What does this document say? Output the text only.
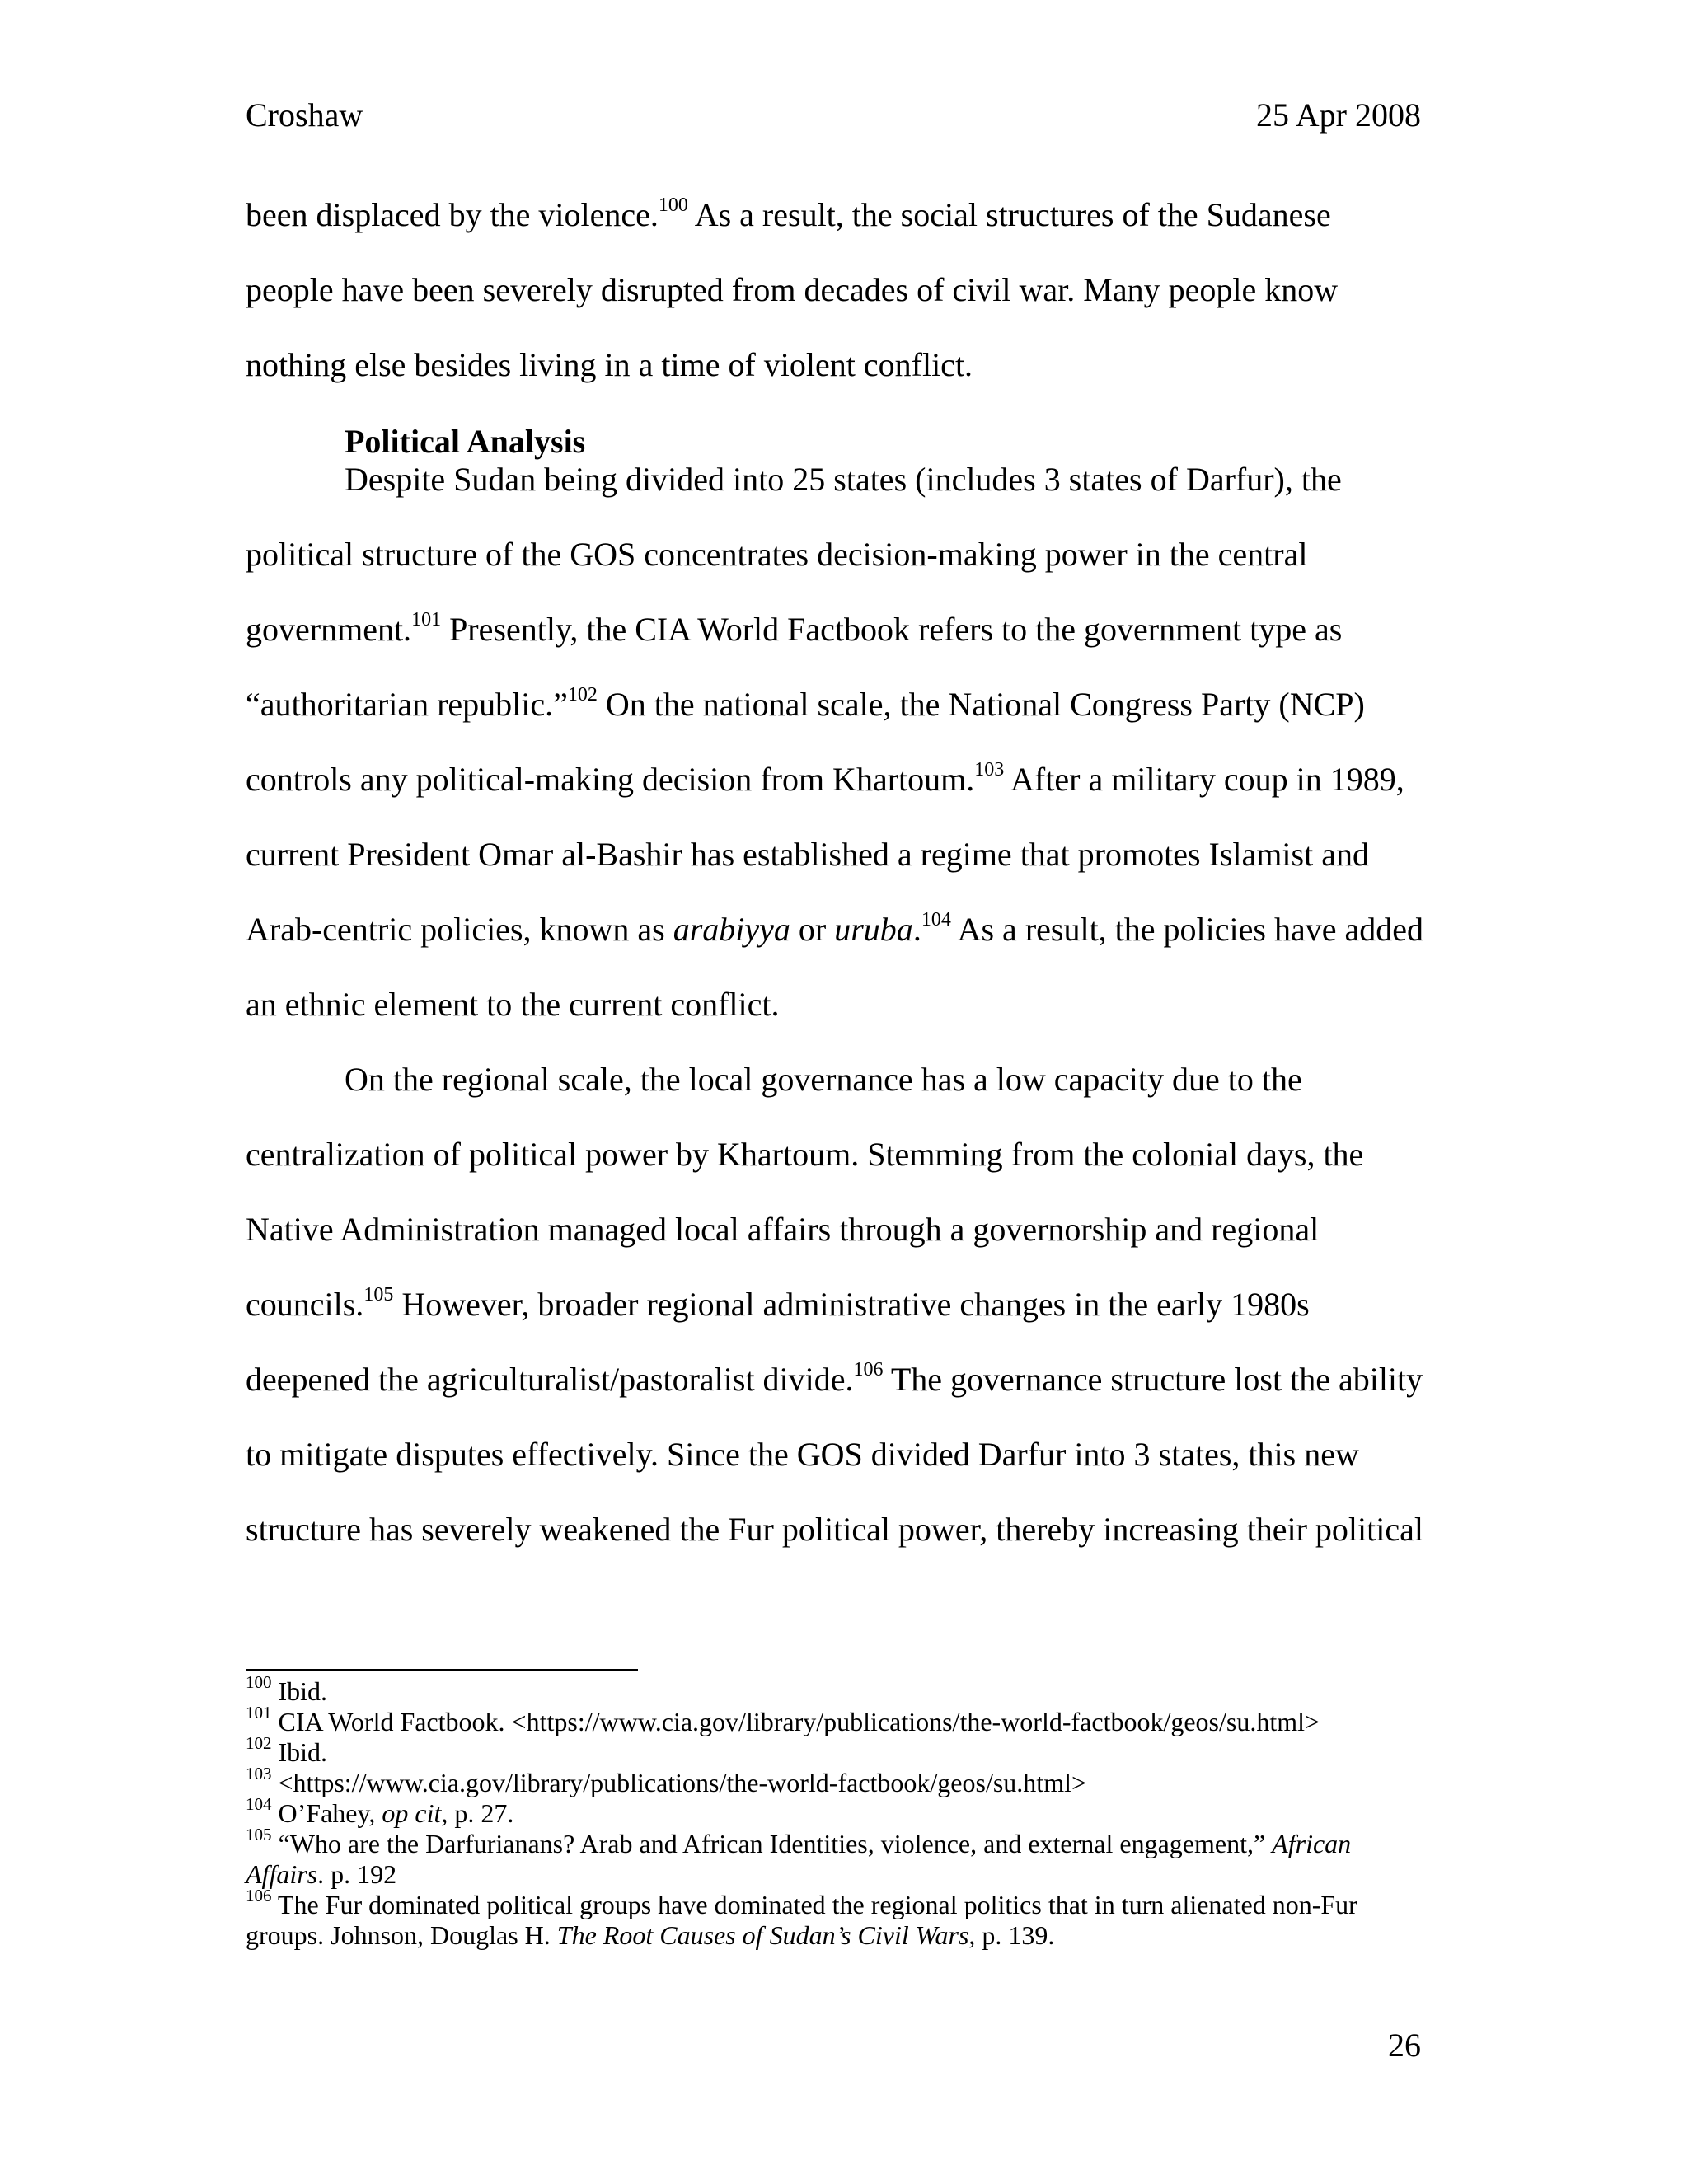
Croshaw	25 Apr 2008
been displaced by the violence.$^{100}$ As a result, the social structures of the Sudanese
people have been severely disrupted from decades of civil war. Many people know
nothing else besides living in a time of violent conflict.
Political Analysis
Despite Sudan being divided into 25 states (includes 3 states of Darfur), the
political structure of the GOS concentrates decision-making power in the central
government.$^{101}$ Presently, the CIA World Factbook refers to the government type as
“authoritarian republic.”$^{102}$ On the national scale, the National Congress Party (NCP)
controls any political-making decision from Khartoum.$^{103}$ After a military coup in 1989,
current President Omar al-Bashir has established a regime that promotes Islamist and
Arab-centric policies, known as arabiyya or uruba.$^{104}$ As a result, the policies have added
an ethnic element to the current conflict.
On the regional scale, the local governance has a low capacity due to the
centralization of political power by Khartoum. Stemming from the colonial days, the
Native Administration managed local affairs through a governorship and regional
councils.$^{105}$ However, broader regional administrative changes in the early 1980s
deepened the agriculturalist/pastoralist divide.$^{106}$ The governance structure lost the ability
to mitigate disputes effectively. Since the GOS divided Darfur into 3 states, this new
structure has severely weakened the Fur political power, thereby increasing their political
$^{100}$ Ibid.
$^{101}$ CIA World Factbook. <https://www.cia.gov/library/publications/the-world-factbook/geos/su.html>
$^{102}$ Ibid.
$^{103}$ <https://www.cia.gov/library/publications/the-world-factbook/geos/su.html>
$^{104}$ O’Fahey, op cit, p. 27.
$^{105}$ “Who are the Darfurianans? Arab and African Identities, violence, and external engagement,” African
Affairs. p. 192
$^{106}$ The Fur dominated political groups have dominated the regional politics that in turn alienated non-Fur
groups. Johnson, Douglas H. The Root Causes of Sudan’s Civil Wars, p. 139.
26
